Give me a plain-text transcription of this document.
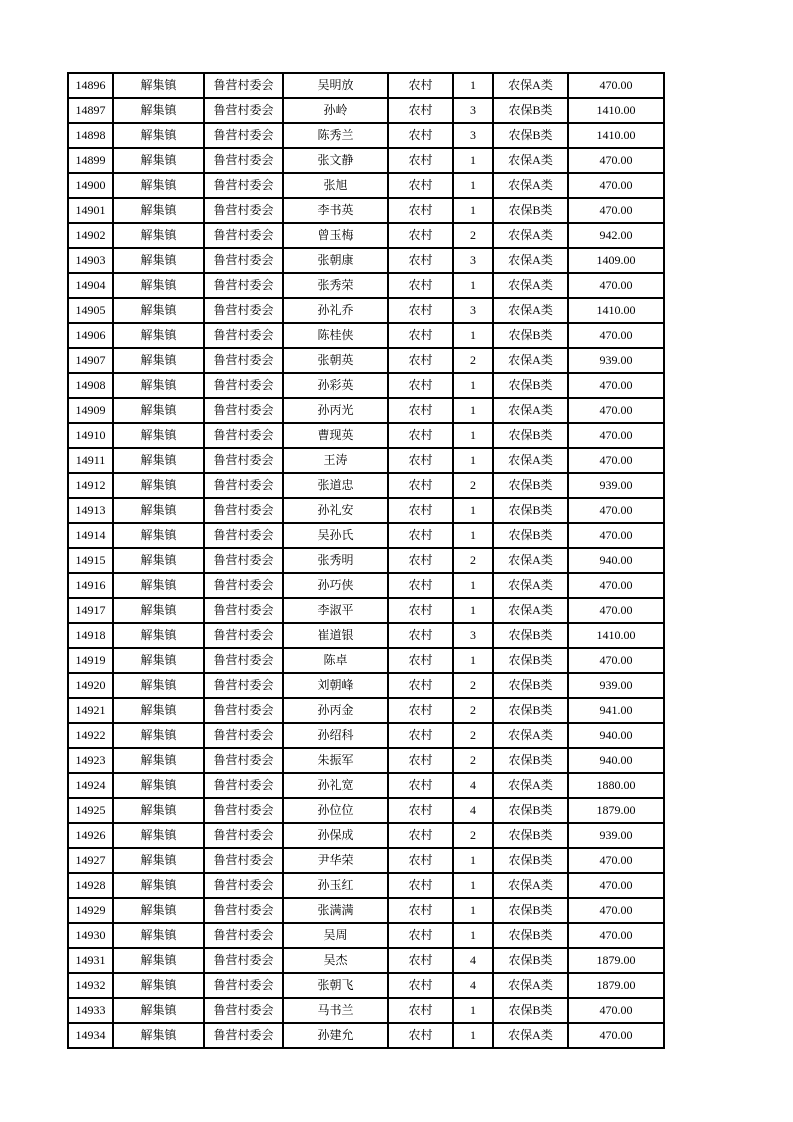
14896	解集镇	鲁营村委会	吴明放	农村	1	农保A类	470.00
14897	解集镇	鲁营村委会	孙岭	农村	3	农保B类	1410.00
14898	解集镇	鲁营村委会	陈秀兰	农村	3	农保B类	1410.00
14899	解集镇	鲁营村委会	张文静	农村	1	农保A类	470.00
14900	解集镇	鲁营村委会	张旭	农村	1	农保A类	470.00
14901	解集镇	鲁营村委会	李书英	农村	1	农保B类	470.00
14902	解集镇	鲁营村委会	曾玉梅	农村	2	农保A类	942.00
14903	解集镇	鲁营村委会	张朝康	农村	3	农保A类	1409.00
14904	解集镇	鲁营村委会	张秀荣	农村	1	农保A类	470.00
14905	解集镇	鲁营村委会	孙礼乔	农村	3	农保A类	1410.00
14906	解集镇	鲁营村委会	陈桂侠	农村	1	农保B类	470.00
14907	解集镇	鲁营村委会	张朝英	农村	2	农保A类	939.00
14908	解集镇	鲁营村委会	孙彩英	农村	1	农保B类	470.00
14909	解集镇	鲁营村委会	孙丙光	农村	1	农保A类	470.00
14910	解集镇	鲁营村委会	曹现英	农村	1	农保B类	470.00
14911	解集镇	鲁营村委会	王涛	农村	1	农保A类	470.00
14912	解集镇	鲁营村委会	张道忠	农村	2	农保B类	939.00
14913	解集镇	鲁营村委会	孙礼安	农村	1	农保B类	470.00
14914	解集镇	鲁营村委会	吴孙氏	农村	1	农保B类	470.00
14915	解集镇	鲁营村委会	张秀明	农村	2	农保A类	940.00
14916	解集镇	鲁营村委会	孙巧侠	农村	1	农保A类	470.00
14917	解集镇	鲁营村委会	李淑平	农村	1	农保A类	470.00
14918	解集镇	鲁营村委会	崔道银	农村	3	农保B类	1410.00
14919	解集镇	鲁营村委会	陈卓	农村	1	农保B类	470.00
14920	解集镇	鲁营村委会	刘朝峰	农村	2	农保B类	939.00
14921	解集镇	鲁营村委会	孙丙金	农村	2	农保B类	941.00
14922	解集镇	鲁营村委会	孙绍科	农村	2	农保A类	940.00
14923	解集镇	鲁营村委会	朱振军	农村	2	农保B类	940.00
14924	解集镇	鲁营村委会	孙礼宽	农村	4	农保A类	1880.00
14925	解集镇	鲁营村委会	孙位位	农村	4	农保B类	1879.00
14926	解集镇	鲁营村委会	孙保成	农村	2	农保B类	939.00
14927	解集镇	鲁营村委会	尹华荣	农村	1	农保B类	470.00
14928	解集镇	鲁营村委会	孙玉红	农村	1	农保A类	470.00
14929	解集镇	鲁营村委会	张满满	农村	1	农保B类	470.00
14930	解集镇	鲁营村委会	吴周	农村	1	农保B类	470.00
14931	解集镇	鲁营村委会	吴杰	农村	4	农保B类	1879.00
14932	解集镇	鲁营村委会	张朝飞	农村	4	农保A类	1879.00
14933	解集镇	鲁营村委会	马书兰	农村	1	农保B类	470.00
14934	解集镇	鲁营村委会	孙建允	农村	1	农保A类	470.00
